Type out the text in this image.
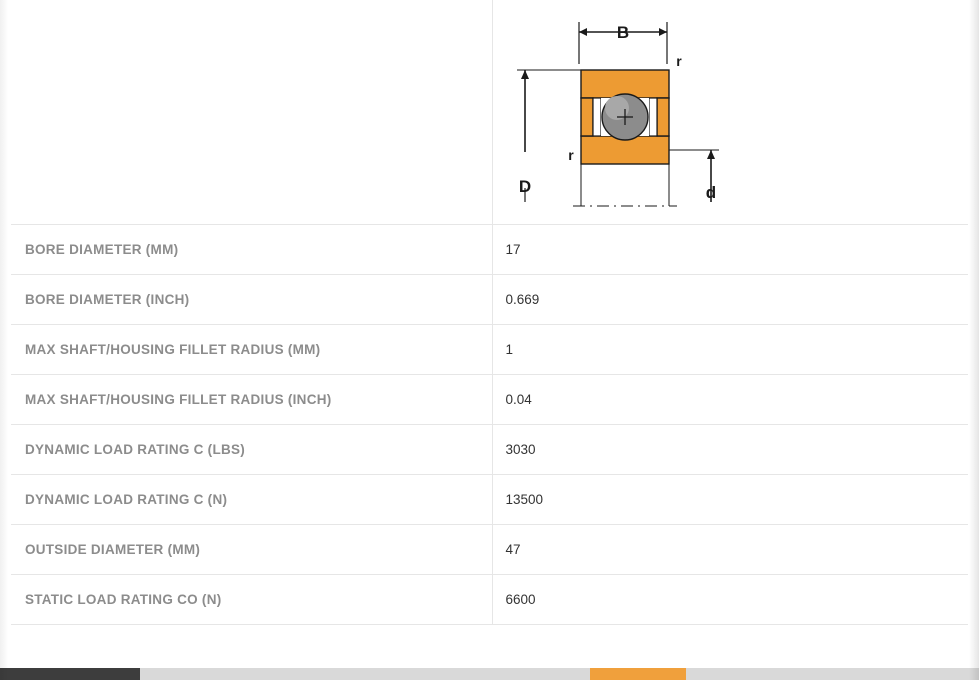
B
D
r
r
d

BORE DIAMETER (MM)	17
BORE DIAMETER (INCH)	0.669
MAX SHAFT/HOUSING FILLET RADIUS (MM)	1
MAX SHAFT/HOUSING FILLET RADIUS (INCH)	0.04
DYNAMIC LOAD RATING C (LBS)	3030
DYNAMIC LOAD RATING C (N)	13500
OUTSIDE DIAMETER (MM)	47
STATIC LOAD RATING CO (N)	6600
